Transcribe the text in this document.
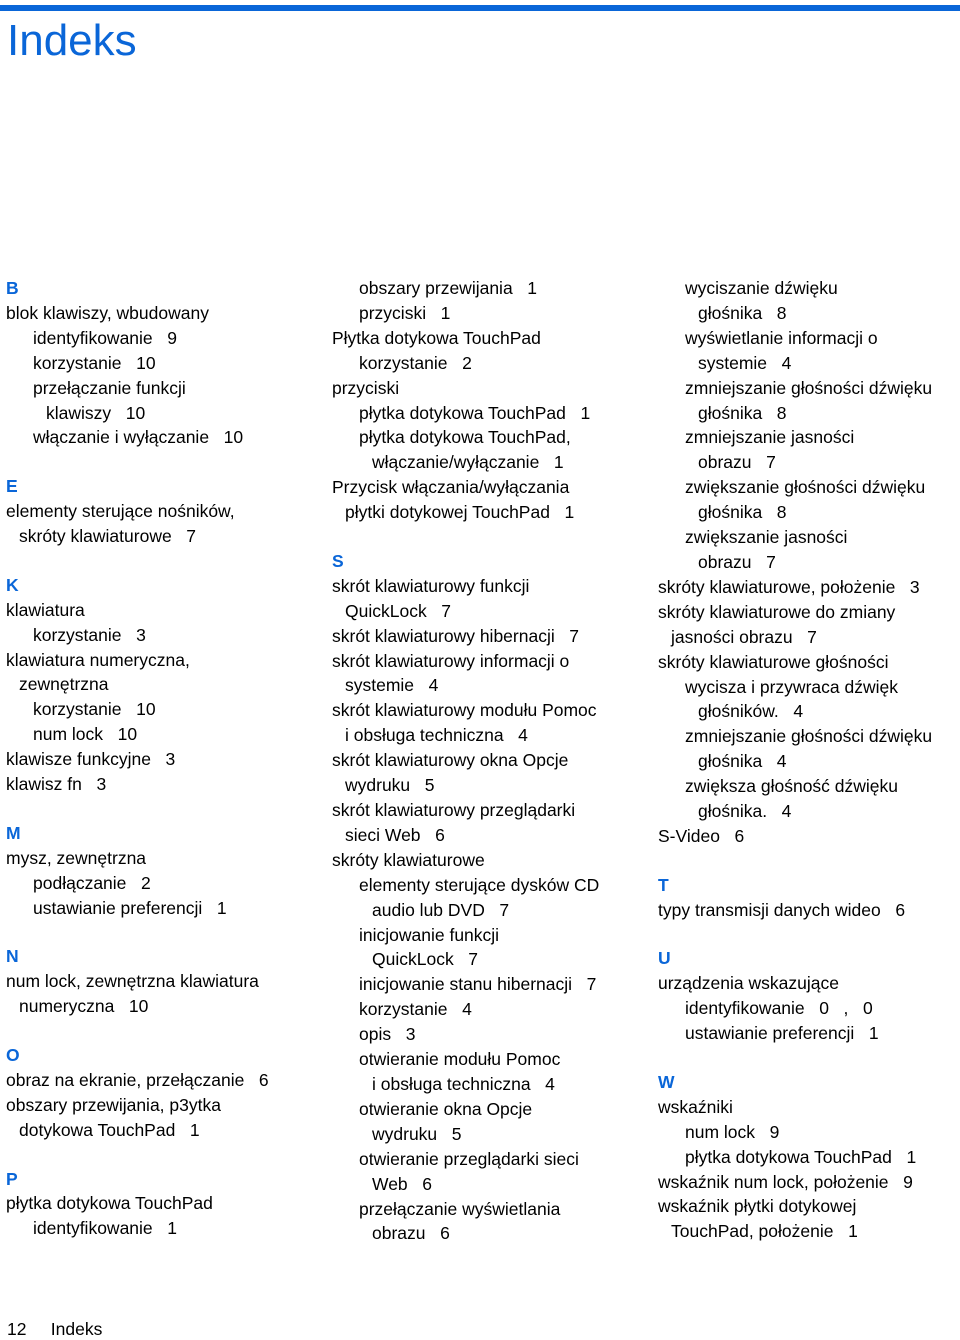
Indeks
B
blok klawiszy, wbudowany
identyfikowanie   9
korzystanie   10
przełączanie funkcji
klawiszy   10
włączanie i wyłączanie   10
E
elementy sterujące nośników,
skróty klawiaturowe   7
K
klawiatura
korzystanie   3
klawiatura numeryczna,
zewnętrzna
korzystanie   10
num lock   10
klawisze funkcyjne   3
klawisz fn   3
M
mysz, zewnętrzna
podłączanie   2
ustawianie preferencji   1
N
num lock, zewnętrzna klawiatura
numeryczna   10
O
obraz na ekranie, przełączanie   6
obszary przewijania, p3ytka
dotykowa TouchPad   1
P
płytka dotykowa TouchPad
identyfikowanie   1
obszary przewijania   1
przyciski   1
Płytka dotykowa TouchPad
korzystanie   2
przyciski
płytka dotykowa TouchPad   1
płytka dotykowa TouchPad,
włączanie/wyłączanie   1
Przycisk włączania/wyłączania
płytki dotykowej TouchPad   1
S
skrót klawiaturowy funkcji
QuickLock   7
skrót klawiaturowy hibernacji   7
skrót klawiaturowy informacji o
systemie   4
skrót klawiaturowy modułu Pomoc
i obsługa techniczna   4
skrót klawiaturowy okna Opcje
wydruku   5
skrót klawiaturowy przeglądarki
sieci Web   6
skróty klawiaturowe
elementy sterujące dysków CD
audio lub DVD   7
inicjowanie funkcji
QuickLock   7
inicjowanie stanu hibernacji   7
korzystanie   4
opis   3
otwieranie modułu Pomoc
i obsługa techniczna   4
otwieranie okna Opcje
wydruku   5
otwieranie przeglądarki sieci
Web   6
przełączanie wyświetlania
obrazu   6
wyciszanie dźwięku
głośnika   8
wyświetlanie informacji o
systemie   4
zmniejszanie głośności dźwięku
głośnika   8
zmniejszanie jasności
obrazu   7
zwiększanie głośności dźwięku
głośnika   8
zwiększanie jasności
obrazu   7
skróty klawiaturowe, położenie   3
skróty klawiaturowe do zmiany
jasności obrazu   7
skróty klawiaturowe głośności
wycisza i przywraca dźwięk
głośników.   4
zmniejszanie głośności dźwięku
głośnika   4
zwiększa głośność dźwięku
głośnika.   4
S-Video   6
T
typy transmisji danych wideo   6
U
urządzenia wskazujące
identyfikowanie   0   ,   0
ustawianie preferencji   1
W
wskaźniki
num lock   9
płytka dotykowa TouchPad   1
wskaźnik num lock, położenie   9
wskaźnik płytki dotykowej
TouchPad, położenie   1
12 Indeks
